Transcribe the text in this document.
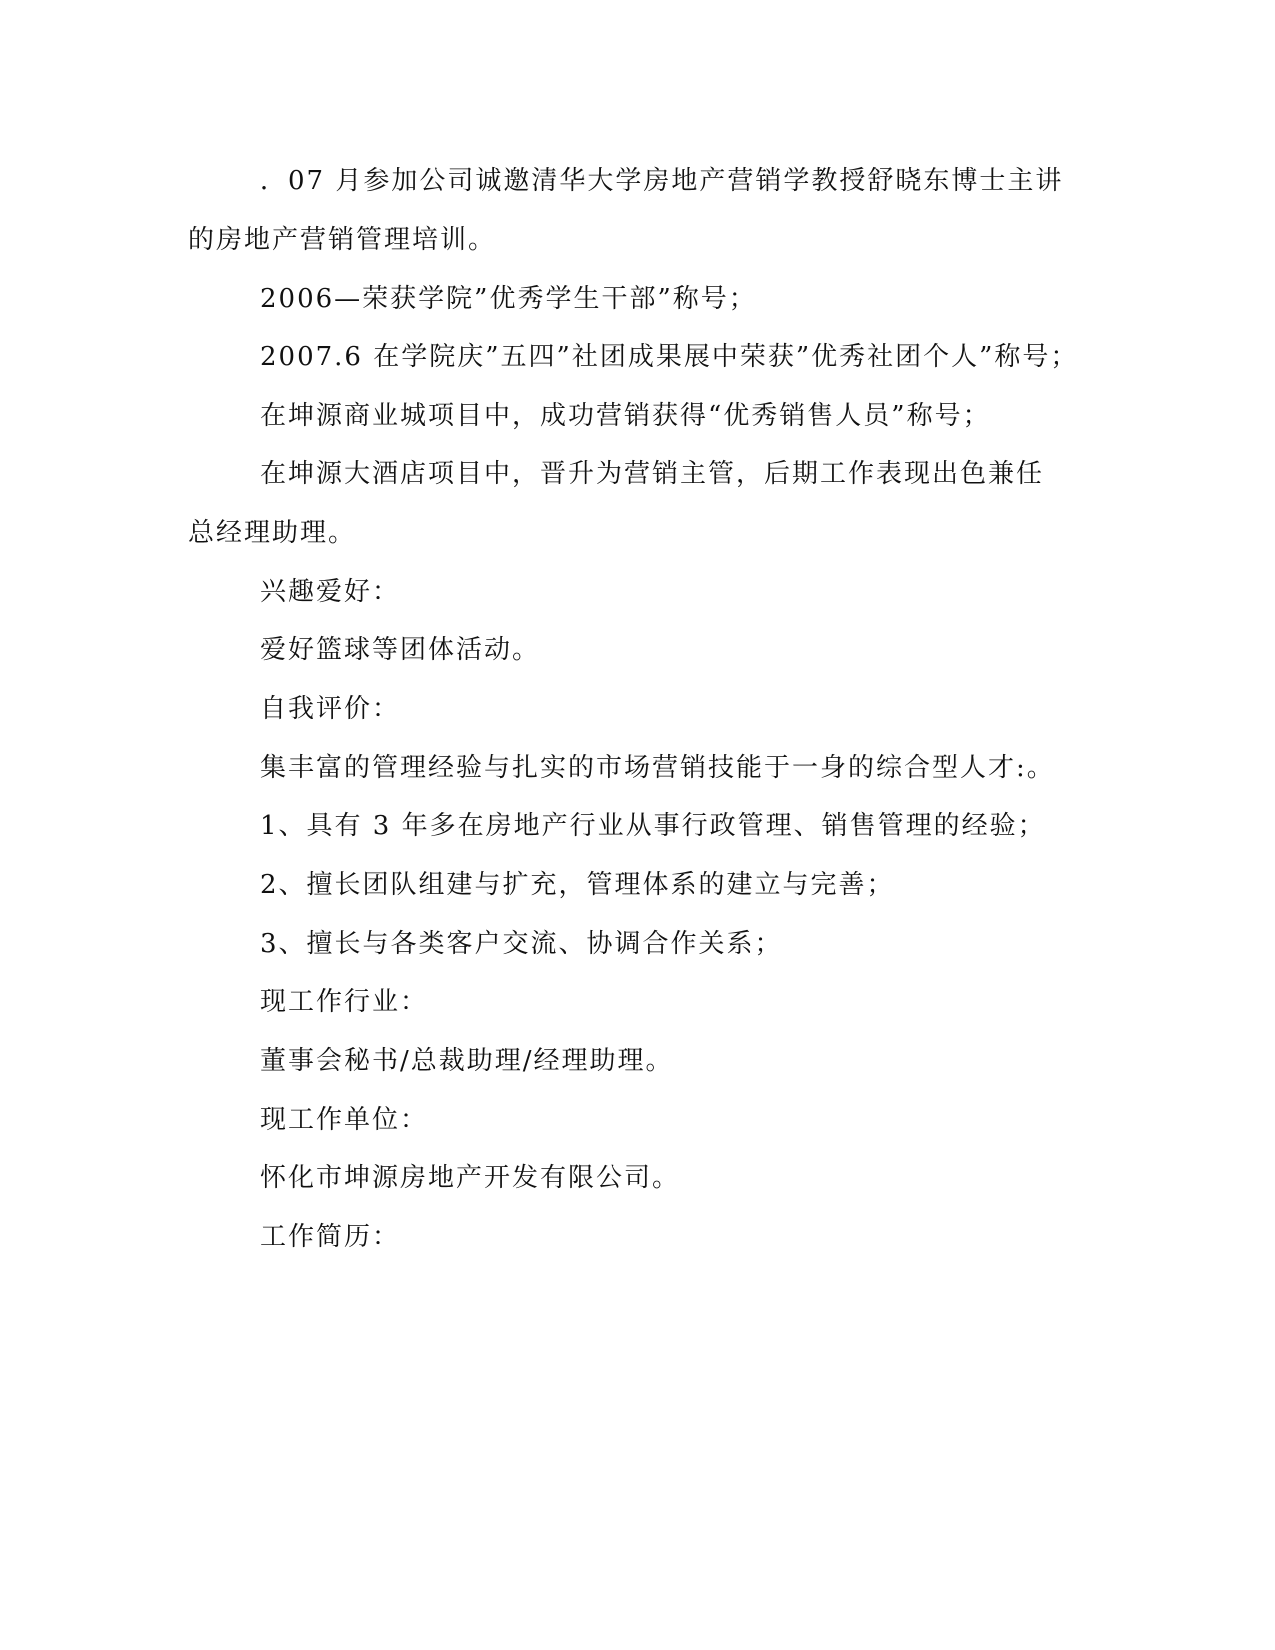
．07 月参加公司诚邀清华大学房地产营销学教授舒晓东博士主讲
的房地产营销管理培训。
2006—荣获学院”优秀学生干部”称号；
2007.6 在学院庆”五四”社团成果展中荣获”优秀社团个人”称号；
在坤源商业城项目中，成功营销获得“优秀销售人员”称号；
在坤源大酒店项目中，晋升为营销主管，后期工作表现出色兼任
总经理助理。
兴趣爱好：
爱好篮球等团体活动。
自我评价：
集丰富的管理经验与扎实的市场营销技能于一身的综合型人才:。
1、具有 3 年多在房地产行业从事行政管理、销售管理的经验；
2、擅长团队组建与扩充，管理体系的建立与完善；
3、擅长与各类客户交流、协调合作关系；
现工作行业：
董事会秘书/总裁助理/经理助理。
现工作单位：
怀化市坤源房地产开发有限公司。
工作简历：
